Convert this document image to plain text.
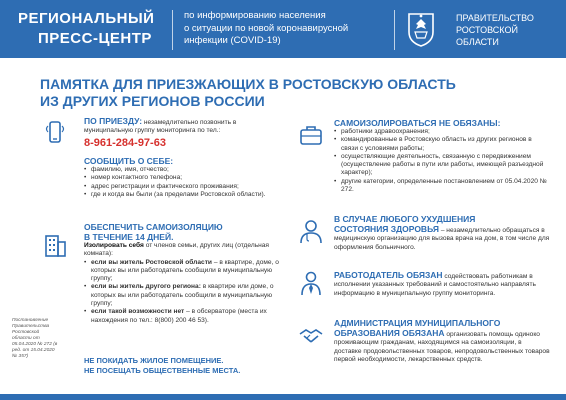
РЕГИОНАЛЬНЫЙ
ПРЕСС-ЦЕНТР
по информированию населения
о ситуации по новой коронавирусной
инфекции (COVID-19)
ПРАВИТЕЛЬСТВО
РОСТОВСКОЙ
ОБЛАСТИ
ПАМЯТКА ДЛЯ ПРИЕЗЖАЮЩИХ В РОСТОВСКУЮ ОБЛАСТЬ
ИЗ ДРУГИХ РЕГИОНОВ РОССИИ
ПО ПРИЕЗДУ: незамедлительно позвонить в муниципальную группу мониторинга по тел.:
8-961-284-97-63
СООБЩИТЬ О СЕБЕ:
• фамилию, имя, отчество;
• номер контактного телефона;
• адрес регистрации и фактического проживания;
• где и когда вы были (за пределами Ростовской области).
ОБЕСПЕЧИТЬ САМОИЗОЛЯЦИЮ
В ТЕЧЕНИЕ 14 ДНЕЙ.
Изолировать себя от членов семьи, других лиц (отдельная комната):
• если вы житель Ростовской области – в квартире, доме, о которых вы или работодатель сообщили в муниципальную группу;
• если вы житель другого региона: в квартире или доме, о которых вы или работодатель сообщили в муниципальную группу;
• если такой возможности нет – в обсерваторе (места их нахождения по тел.: 8(800) 200 46 53).
Постановление Правительства Ростовской области от 05.04.2020 № 272 (в ред. от 15.04.2020 № 357)	НЕ ПОКИДАТЬ ЖИЛОЕ ПОМЕЩЕНИЕ.
НЕ ПОСЕЩАТЬ ОБЩЕСТВЕННЫЕ МЕСТА.
САМОИЗОЛИРОВАТЬСЯ НЕ ОБЯЗАНЫ:
• работники здравоохранения;
• командированные в Ростовскую область из других регионов в связи с условиями работы;
• осуществляющие деятельность, связанную с передвижением (осуществление работы в пути или работы, имеющей разъездной характер);
• другие категории, определенные постановлением от 05.04.2020 № 272.
В СЛУЧАЕ ЛЮБОГО УХУДШЕНИЯ
СОСТОЯНИЯ ЗДОРОВЬЯ – незамедлительно обращаться в медицинскую организацию для вызова врача на дом, в том числе для оформления больничного.
РАБОТОДАТЕЛЬ ОБЯЗАН содействовать работникам в исполнении указанных требований и самостоятельно направлять информацию в муниципальную группу мониторинга.
АДМИНИСТРАЦИЯ МУНИЦИПАЛЬНОГО
ОБРАЗОВАНИЯ ОБЯЗАНА организовать помощь одиноко проживающим гражданам, находящимся на самоизоляции, в доставке продовольственных товаров, непродовольственных товаров первой необходимости, лекарственных средств.
